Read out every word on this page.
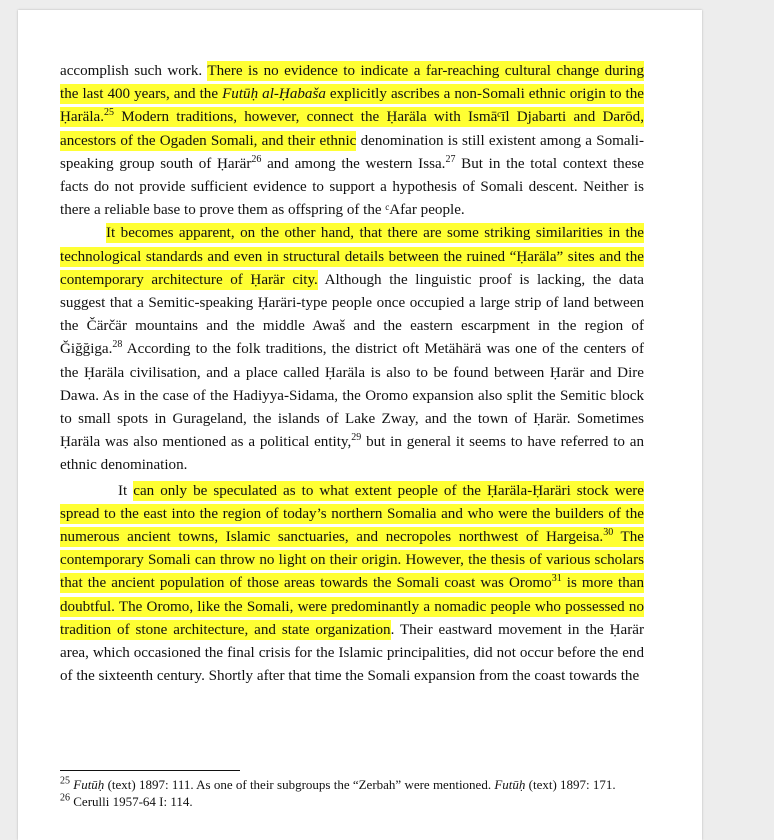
accomplish such work. There is no evidence to indicate a far-reaching cultural change during the last 400 years, and the Futūḥ al-Ḥabaša explicitly ascribes a non-Somali ethnic origin to the Ḥaräla.$^{25}$ Modern traditions, however, connect the Ḥaräla with Ismāᶜīl Djabarti and Darōd, ancestors of the Ogaden Somali, and their ethnic denomination is still existent among a Somali-speaking group south of Ḥarär$^{26}$ and among the western Issa.$^{27}$ But in the total context these facts do not provide sufficient evidence to support a hypothesis of Somali descent. Neither is there a reliable base to prove them as offspring of the ᶜAfar people.

It becomes apparent, on the other hand, that there are some striking similarities in the technological standards and even in structural details between the ruined “Ḥaräla” sites and the contemporary architecture of Ḥarär city. Although the linguistic proof is lacking, the data suggest that a Semitic-speaking Ḥaräri-type people once occupied a large strip of land between the Čärčär mountains and the middle Awaš and the eastern escarpment in the region of Ğiğğiga.$^{28}$ According to the folk traditions, the district oft Metähärä was one of the centers of the Ḥaräla civilisation, and a place called Ḥaräla is also to be found between Ḥarär and Dire Dawa. As in the case of the Hadiyya-Sidama, the Oromo expansion also split the Semitic block to small spots in Gurageland, the islands of Lake Zway, and the town of Ḥarär. Sometimes Ḥaräla was also mentioned as a political entity,$^{29}$ but in general it seems to have referred to an ethnic denomination.

It can only be speculated as to what extent people of the Ḥaräla-Ḥaräri stock were spread to the east into the region of today’s northern Somalia and who were the builders of the numerous ancient towns, Islamic sanctuaries, and necropoles northwest of Hargeisa.$^{30}$ The contemporary Somali can throw no light on their origin. However, the thesis of various scholars that the ancient population of those areas towards the Somali coast was Oromo$^{31}$ is more than doubtful. The Oromo, like the Somali, were predominantly a nomadic people who possessed no tradition of stone architecture, and state organization. Their eastward movement in the Ḥarär area, which occasioned the final crisis for the Islamic principalities, did not occur before the end of the sixteenth century. Shortly after that time the Somali expansion from the coast towards the

$^{25}$ Futūḥ (text) 1897: 111. As one of their subgroups the “Zerbah” were mentioned. Futūḥ (text) 1897: 171.

$^{26}$ Cerulli 1957-64 I: 114.
